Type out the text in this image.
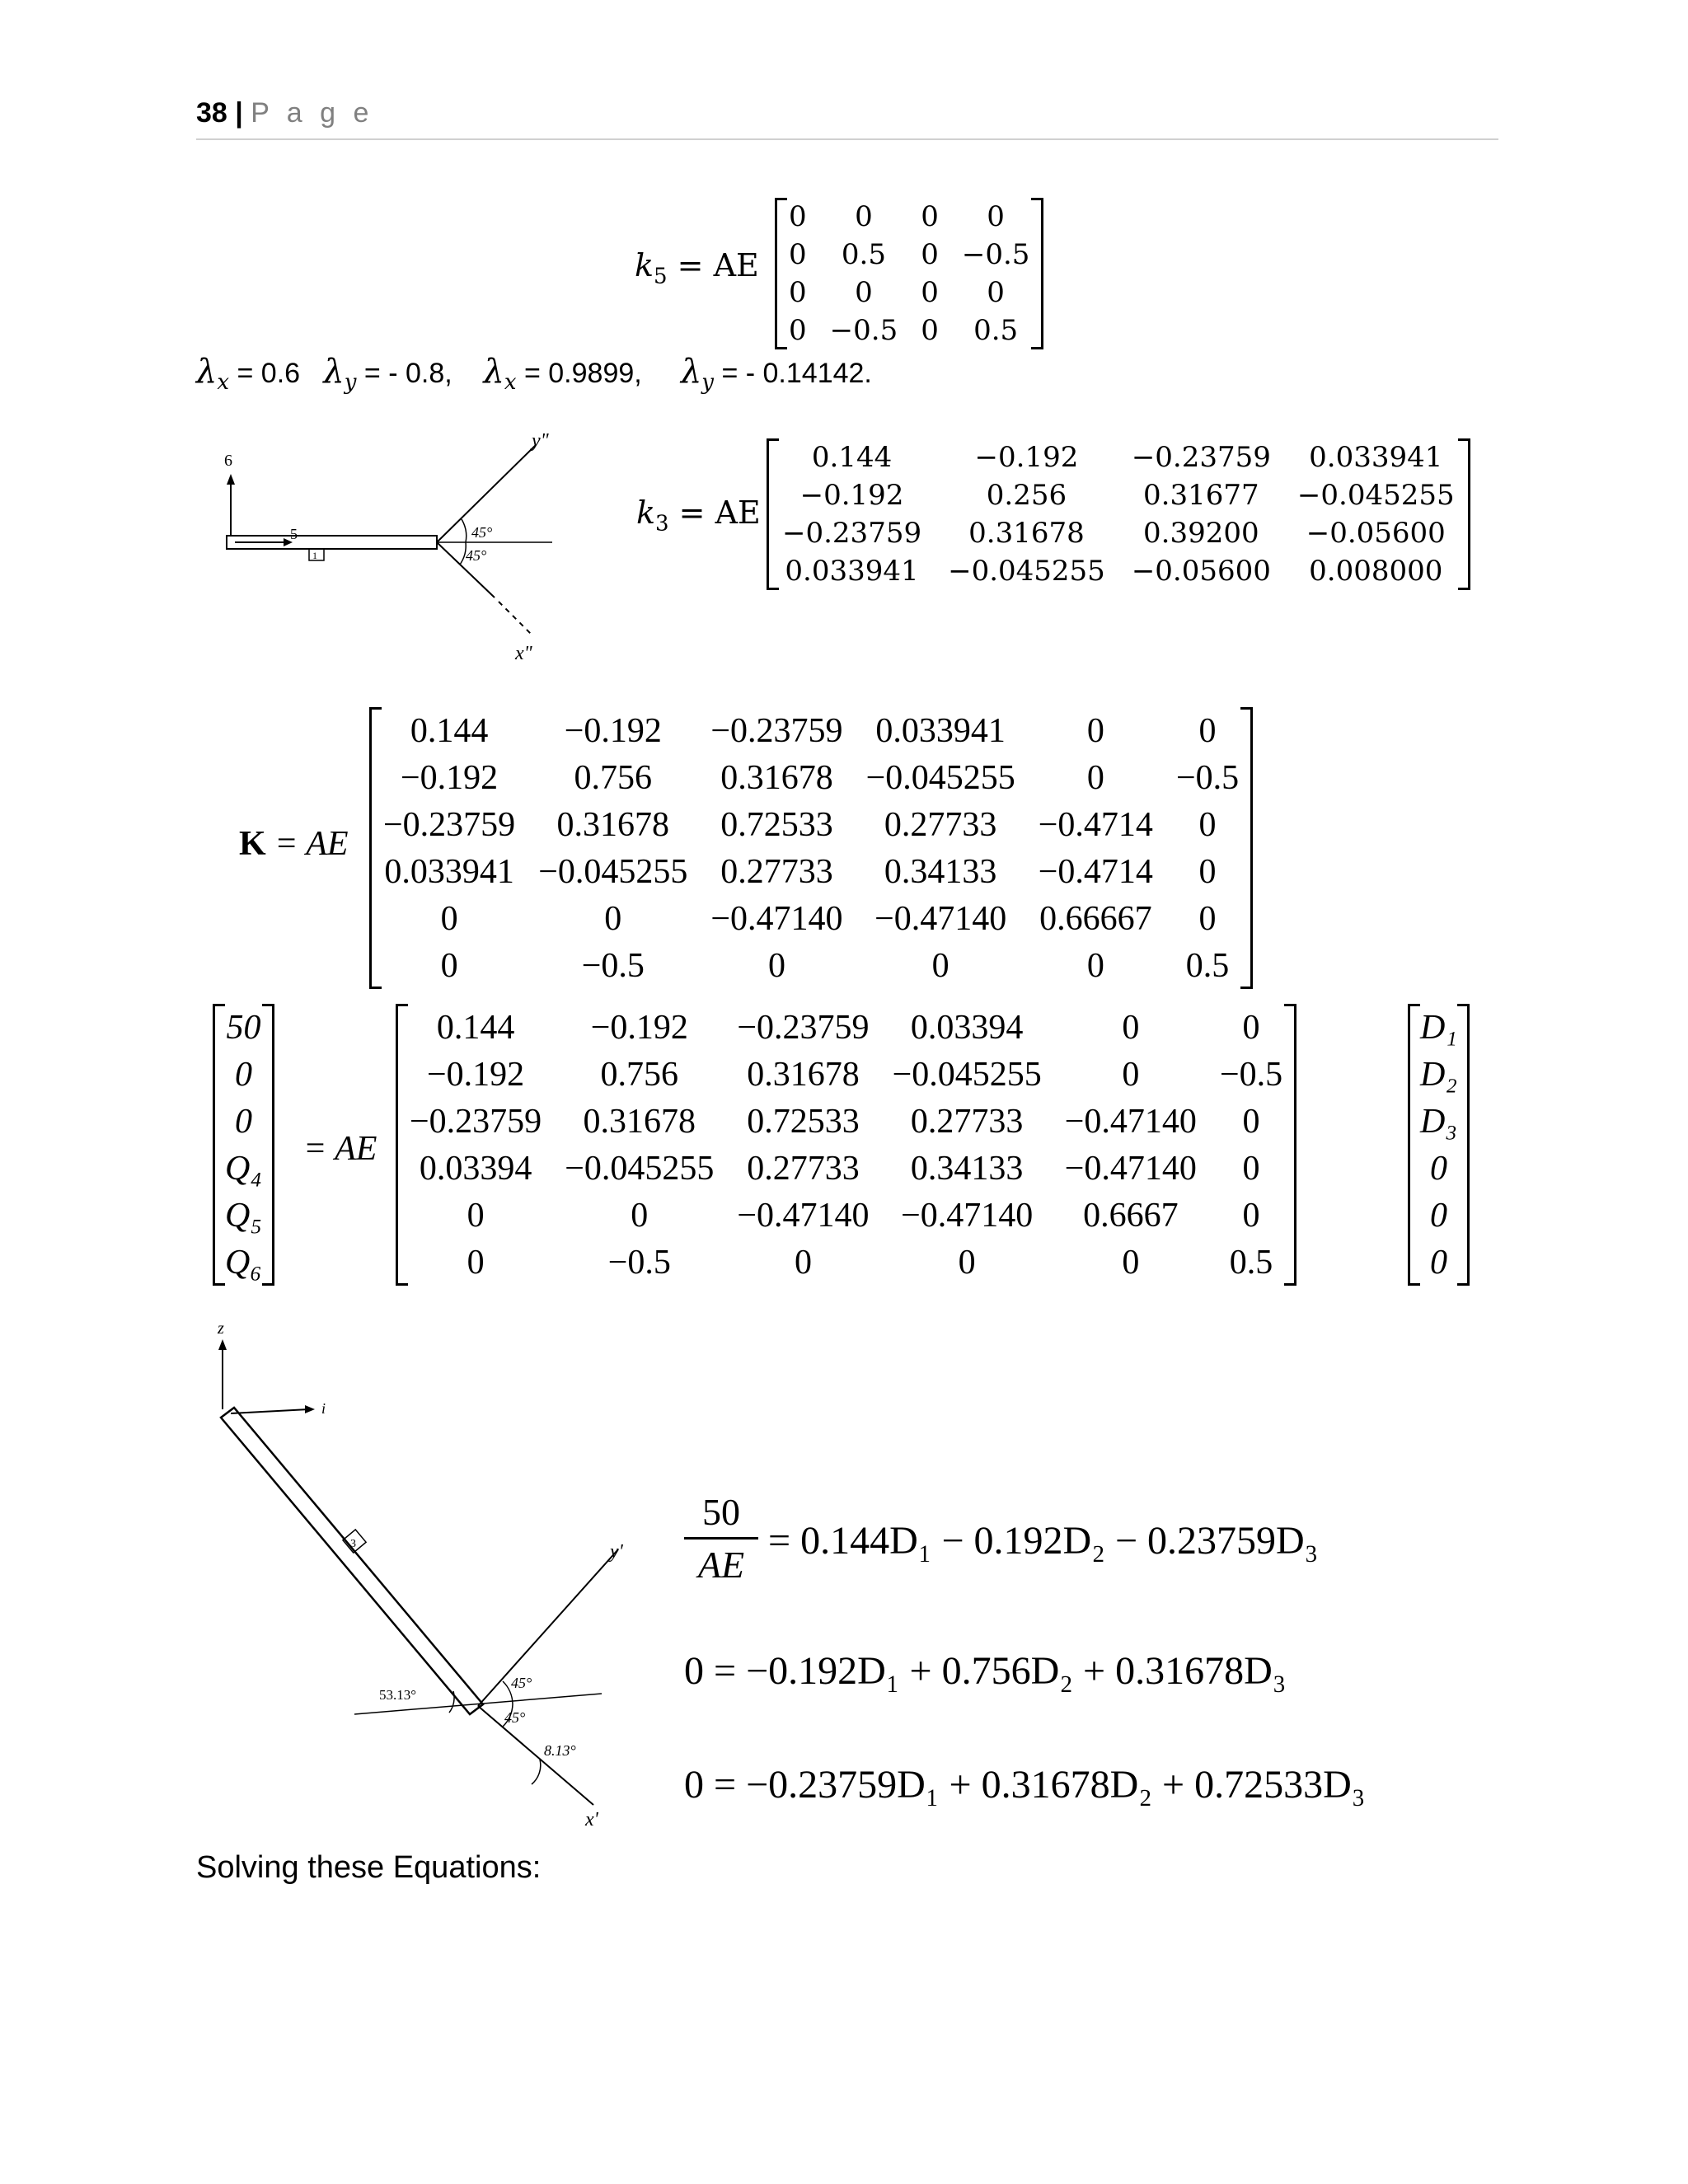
38 | P a g e
$k_5$ = AE
0	0	0	0
0	0.5	0	−0.5
0	0	0	0
0	−0.5	0	0.5
$\lambda_x = 0.6$ $\lambda_y$ = - 0.8, $\lambda_x = 0.9899$, $\lambda_y$ = - 0.14142.
6
5
1
y"
x"
45°
45°
$k_3$ = AE
0.144	−0.192	−0.23759	0.033941
−0.192	0.256	0.31677	−0.045255
−0.23759	0.31678	0.39200	−0.05600
0.033941	−0.045255	−0.05600	0.008000
K = AE
0.144	−0.192	−0.23759	0.033941	0	0
−0.192	0.756	0.31678	−0.045255	0	−0.5
−0.23759	0.31678	0.72533	0.27733	−0.4714	0
0.033941	−0.045255	0.27733	0.34133	−0.4714	0
0	0	−0.47140	−0.47140	0.66667	0
0	−0.5	0	0	0	0.5
50
0
0
Q₄
Q₅
Q₆
= AE
0.144	−0.192	−0.23759	0.03394	0	0
−0.192	0.756	0.31678	−0.045255	0	−0.5
−0.23759	0.31678	0.72533	0.27733	−0.47140	0
0.03394	−0.045255	0.27733	0.34133	−0.47140	0
0	0	−0.47140	−0.47140	0.6667	0
0	−0.5	0	0	0	0.5
D₁
D₂
D₃
0
0
0
z
i
3	y'
x'
45°
45°
53.13°
8.13°
50
AE
= 0.144D₁ − 0.192D₂ − 0.23759D₃
0 = −0.192D₁ + 0.756D₂ + 0.31678D₃
0 = −0.23759D₁ + 0.31678D₂ + 0.72533D₃
Solving these Equations:
